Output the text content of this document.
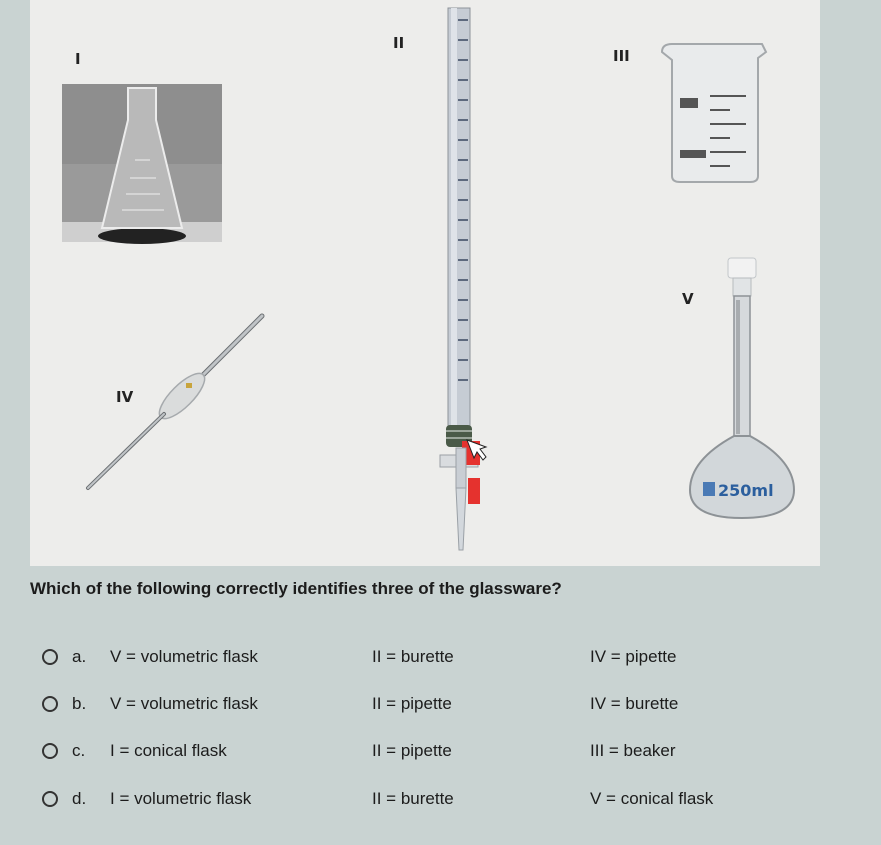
I
II
III
IV
V
250ml
Which of the following correctly identifies three of the glassware?
a. V = volumetric flask	II = burette	IV = pipette
b. V = volumetric flask	II = pipette	IV = burette
c. I = conical flask	II = pipette	III = beaker
d. I = volumetric flask	II = burette	V = conical flask
